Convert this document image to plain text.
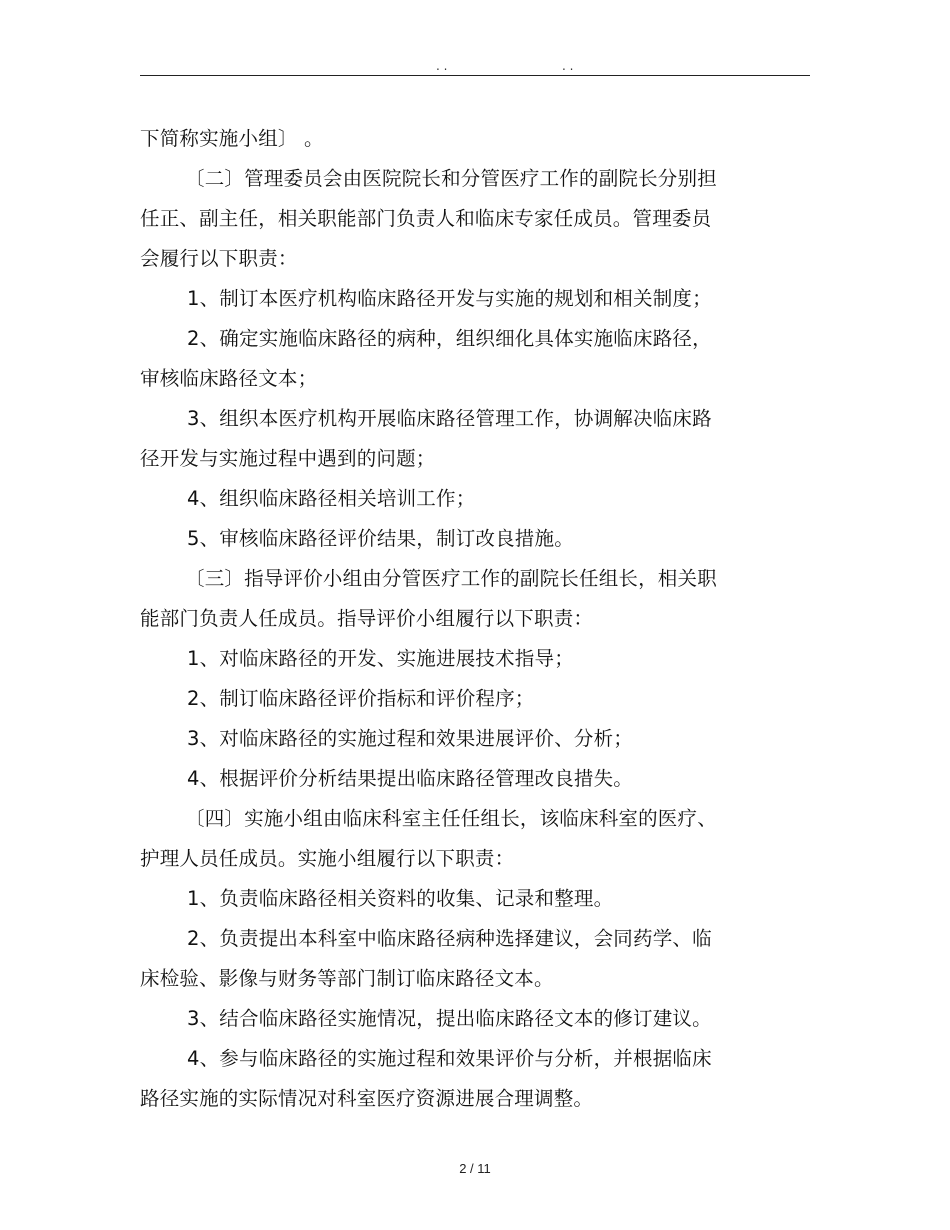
. .	. .
下简称实施小组〕 。
〔二〕管理委员会由医院院长和分管医疗工作的副院长分别担
任正、副主任，相关职能部门负责人和临床专家任成员。管理委员
会履行以下职责：
1、制订本医疗机构临床路径开发与实施的规划和相关制度；
2、确定实施临床路径的病种，组织细化具体实施临床路径，
审核临床路径文本；
3、组织本医疗机构开展临床路径管理工作，协调解决临床路
径开发与实施过程中遇到的问题；
4、组织临床路径相关培训工作；
5、审核临床路径评价结果，制订改良措施。
〔三〕指导评价小组由分管医疗工作的副院长任组长，相关职
能部门负责人任成员。指导评价小组履行以下职责：
1、对临床路径的开发、实施进展技术指导；
2、制订临床路径评价指标和评价程序；
3、对临床路径的实施过程和效果进展评价、分析；
4、根据评价分析结果提出临床路径管理改良措失。
〔四〕实施小组由临床科室主任任组长，该临床科室的医疗、
护理人员任成员。实施小组履行以下职责：
1、负责临床路径相关资料的收集、记录和整理。
2、负责提出本科室中临床路径病种选择建议，会同药学、临
床检验、影像与财务等部门制订临床路径文本。
3、结合临床路径实施情况，提出临床路径文本的修订建议。
4、参与临床路径的实施过程和效果评价与分析，并根据临床
路径实施的实际情况对科室医疗资源进展合理调整。
2 / 11
